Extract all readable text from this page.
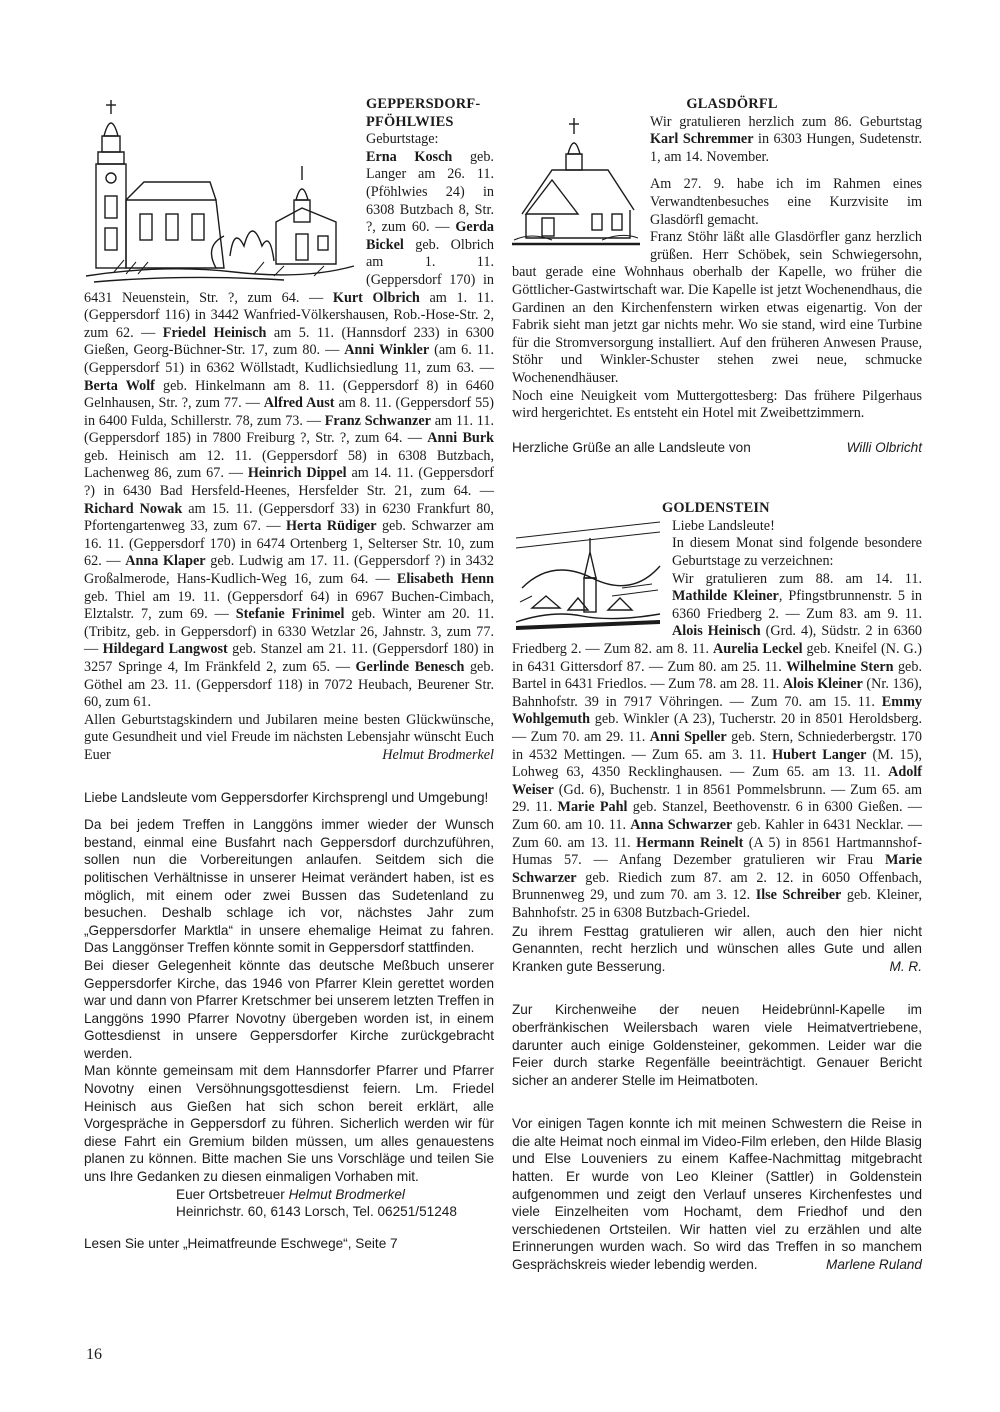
GEPPERSDORF-PFÖHLWIES

Geburtstage:

Erna Kosch geb. Langer am 26. 11. (Pföhlwies 24) in 6308 Butzbach 8, Str. ?, zum 60. — Gerda Bickel geb. Olbrich am 1. 11. (Geppersdorf 170) in 6431 Neuenstein, Str. ?, zum 64. — Kurt Olbrich am 1. 11. (Geppersdorf 116) in 3442 Wanfried-Völkershausen, Rob.-Hose-Str. 2, zum 62. — Friedel Heinisch am 5. 11. (Hannsdorf 233) in 6300 Gießen, Georg-Büchner-Str. 17, zum 80. — Anni Winkler (am 6. 11. (Geppersdorf 51) in 6362 Wöllstadt, Kudlichsiedlung 11, zum 63. — Berta Wolf geb. Hinkelmann am 8. 11. (Geppersdorf 8) in 6460 Gelnhausen, Str. ?, zum 77. — Alfred Aust am 8. 11. (Geppersdorf 55) in 6400 Fulda, Schillerstr. 78, zum 73. — Franz Schwanzer am 11. 11. (Geppersdorf 185) in 7800 Freiburg ?, Str. ?, zum 64. — Anni Burk geb. Heinisch am 12. 11. (Geppersdorf 58) in 6308 Butzbach, Lachenweg 86, zum 67. — Heinrich Dippel am 14. 11. (Geppersdorf ?) in 6430 Bad Hersfeld-Heenes, Hersfelder Str. 21, zum 64. — Richard Nowak am 15. 11. (Geppersdorf 33) in 6230 Frankfurt 80, Pfortengartenweg 33, zum 67. — Herta Rüdiger geb. Schwarzer am 16. 11. (Geppersdorf 170) in 6474 Ortenberg 1, Selterser Str. 10, zum 62. — Anna Klaper geb. Ludwig am 17. 11. (Geppersdorf ?) in 3432 Großalmerode, Hans-Kudlich-Weg 16, zum 64. — Elisabeth Henn geb. Thiel am 19. 11. (Geppersdorf 64) in 6967 Buchen-Cimbach, Elztalstr. 7, zum 69. — Stefanie Frinimel geb. Winter am 20. 11. (Tribitz, geb. in Geppersdorf) in 6330 Wetzlar 26, Jahnstr. 3, zum 77. — Hildegard Langwost geb. Stanzel am 21. 11. (Geppersdorf 180) in 3257 Springe 4, Im Fränkfeld 2, zum 65. — Gerlinde Benesch geb. Göthel am 23. 11. (Geppersdorf 118) in 7072 Heubach, Beurener Str. 60, zum 61.

Allen Geburtstagskindern und Jubilaren meine besten Glückwünsche, gute Gesundheit und viel Freude im nächsten Lebensjahr wünscht Euch Euer	Helmut Brodmerkel

Liebe Landsleute vom Geppersdorfer Kirchsprengl und Umgebung!

Da bei jedem Treffen in Langgöns immer wieder der Wunsch bestand, einmal eine Busfahrt nach Geppersdorf durchzuführen, sollen nun die Vorbereitungen anlaufen. Seitdem sich die politischen Verhältnisse in unserer Heimat verändert haben, ist es möglich, mit einem oder zwei Bussen das Sudetenland zu besuchen. Deshalb schlage ich vor, nächstes Jahr zum „Geppersdorfer Marktla“ in unsere ehemalige Heimat zu fahren. Das Langgönser Treffen könnte somit in Geppersdorf stattfinden.

Bei dieser Gelegenheit könnte das deutsche Meßbuch unserer Geppersdorfer Kirche, das 1946 von Pfarrer Klein gerettet worden war und dann von Pfarrer Kretschmer bei unserem letzten Treffen in Langgöns 1990 Pfarrer Novotny übergeben worden ist, in einem Gottesdienst in unsere Geppersdorfer Kirche zurückgebracht werden.

Man könnte gemeinsam mit dem Hannsdorfer Pfarrer und Pfarrer Novotny einen Versöhnungsgottesdienst feiern. Lm. Friedel Heinisch aus Gießen hat sich schon bereit erklärt, alle Vorgespräche in Geppersdorf zu führen. Sicherlich werden wir für diese Fahrt ein Gremium bilden müssen, um alles genauestens planen zu können. Bitte machen Sie uns Vorschläge und teilen Sie uns Ihre Gedanken zu diesen einmaligen Vorhaben mit.

Euer Ortsbetreuer Helmut Brodmerkel

Heinrichstr. 60, 6143 Lorsch, Tel. 06251/51248

Lesen Sie unter „Heimatfreunde Eschwege“, Seite 7

GLASDÖRFL

Wir gratulieren herzlich zum 86. Geburtstag Karl Schremmer in 6303 Hungen, Sudetenstr. 1, am 14. November.

Am 27. 9. habe ich im Rahmen eines Verwandtenbesuches eine Kurzvisite im Glasdörfl gemacht.

Franz Stöhr läßt alle Glasdörfler ganz herzlich grüßen. Herr Schöbek, sein Schwiegersohn, baut gerade eine Wohnhaus oberhalb der Kapelle, wo früher die Göttlicher-Gastwirtschaft war. Die Kapelle ist jetzt Wochenendhaus, die Gardinen an den Kirchenfenstern wirken etwas eigenartig. Von der Fabrik sieht man jetzt gar nichts mehr. Wo sie stand, wird eine Turbine für die Stromversorgung installiert. Auf den früheren Anwesen Prause, Stöhr und Winkler-Schuster stehen zwei neue, schmucke Wochenendhäuser.

Noch eine Neuigkeit vom Muttergottesberg: Das frühere Pilgerhaus wird hergerichtet. Es entsteht ein Hotel mit Zweibettzimmern.

Herzliche Grüße an alle Landsleute von	Willi Olbricht

GOLDENSTEIN

Liebe Landsleute!

In diesem Monat sind folgende besondere Geburtstage zu verzeichnen:

Wir gratulieren zum 88. am 14. 11. Mathilde Kleiner, Pfingstbrunnenstr. 5 in 6360 Friedberg 2. — Zum 83. am 9. 11. Alois Heinisch (Grd. 4), Südstr. 2 in 6360 Friedberg 2. — Zum 82. am 8. 11. Aurelia Leckel geb. Kneifel (N. G.) in 6431 Gittersdorf 87. — Zum 80. am 25. 11. Wilhelmine Stern geb. Bartel in 6431 Friedlos. — Zum 78. am 28. 11. Alois Kleiner (Nr. 136), Bahnhofstr. 39 in 7917 Vöhringen. — Zum 70. am 15. 11. Emmy Wohlgemuth geb. Winkler (A 23), Tucherstr. 20 in 8501 Heroldsberg. — Zum 70. am 29. 11. Anni Speller geb. Stern, Schniederbergstr. 170 in 4532 Mettingen. — Zum 65. am 3. 11. Hubert Langer (M. 15), Lohweg 63, 4350 Recklinghausen. — Zum 65. am 13. 11. Adolf Weiser (Gd. 6), Buchenstr. 1 in 8561 Pommelsbrunn. — Zum 65. am 29. 11. Marie Pahl geb. Stanzel, Beethovenstr. 6 in 6300 Gießen. — Zum 60. am 10. 11. Anna Schwarzer geb. Kahler in 6431 Necklar. — Zum 60. am 13. 11. Hermann Reinelt (A 5) in 8561 Hartmannshof-Humas 57. — Anfang Dezember gratulieren wir Frau Marie Schwarzer geb. Riedich zum 87. am 2. 12. in 6050 Offenbach, Brunnenweg 29, und zum 70. am 3. 12. Ilse Schreiber geb. Kleiner, Bahnhofstr. 25 in 6308 Butzbach-Griedel.

Zu ihrem Festtag gratulieren wir allen, auch den hier nicht Genannten, recht herzlich und wünschen alles Gute und allen Kranken gute Besserung.	M. R.

Zur Kirchenweihe der neuen Heidebrünnl-Kapelle im oberfränkischen Weilersbach waren viele Heimatvertriebene, darunter auch einige Goldensteiner, gekommen. Leider war die Feier durch starke Regenfälle beeinträchtigt. Genauer Bericht sicher an anderer Stelle im Heimatboten.

Vor einigen Tagen konnte ich mit meinen Schwestern die Reise in die alte Heimat noch einmal im Video-Film erleben, den Hilde Blasig und Else Louveniers zu einem Kaffee-Nachmittag mitgebracht hatten. Er wurde von Leo Kleiner (Sattler) in Goldenstein aufgenommen und zeigt den Verlauf unseres Kirchenfestes und viele Einzelheiten vom Hochamt, dem Friedhof und den verschiedenen Ortsteilen. Wir hatten viel zu erzählen und alte Erinnerungen wurden wach. So wird das Treffen in so manchem Gesprächskreis wieder lebendig werden.	Marlene Ruland

16
